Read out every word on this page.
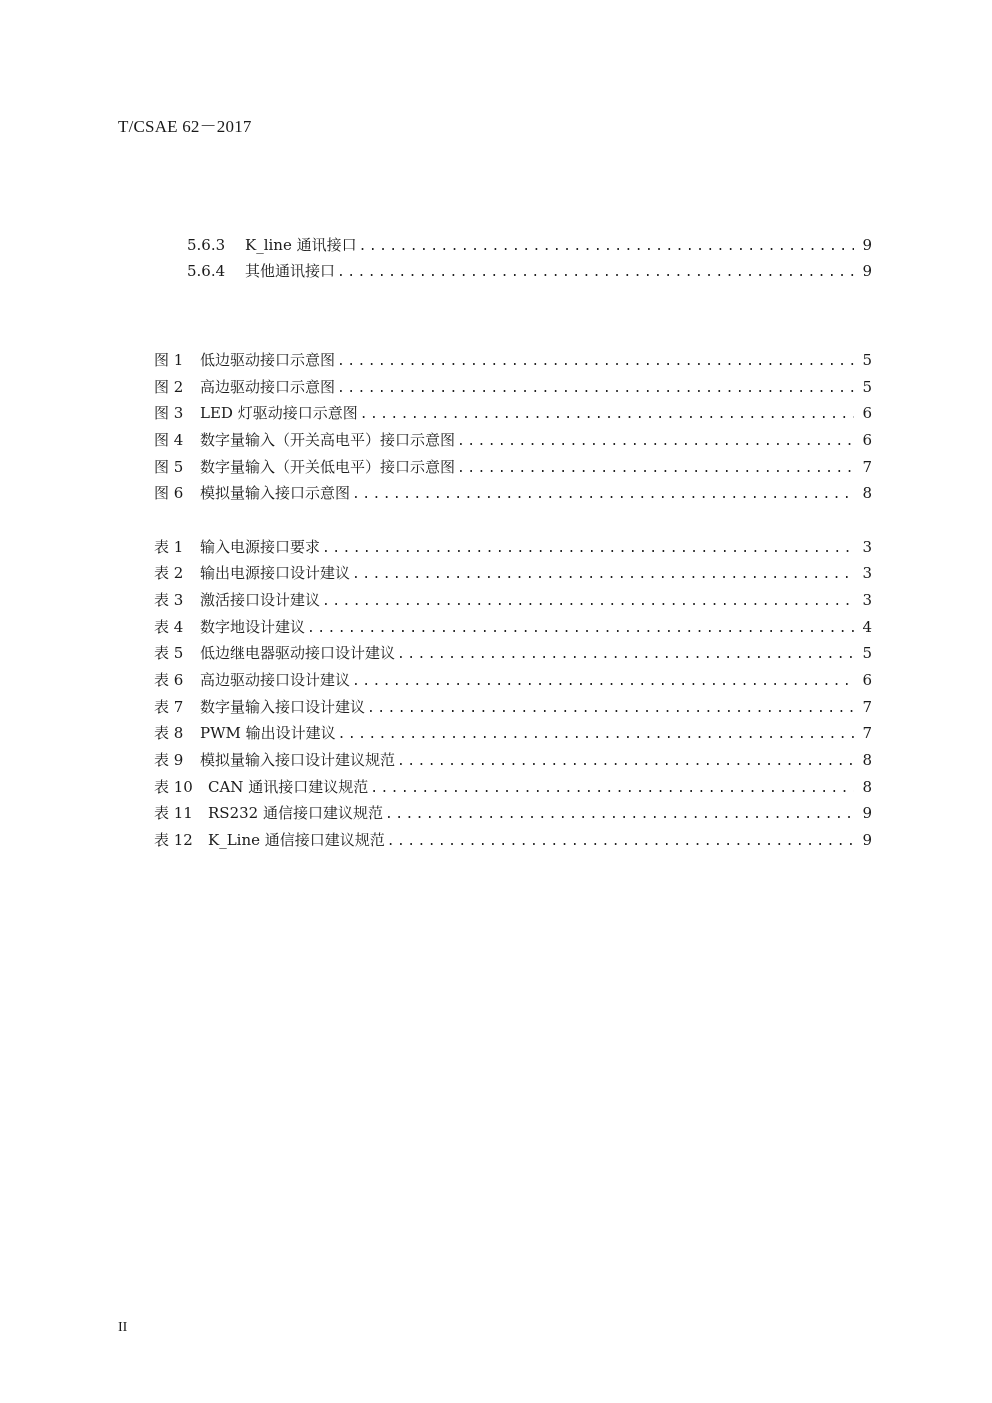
T/CSAE 62－2017
5.6.3	K_line 通讯接口 .....	9
5.6.4	其他通讯接口 .....	9
图 1	低边驱动接口示意图 .....	5
图 2	高边驱动接口示意图 .....	5
图 3	LED 灯驱动接口示意图 .....	6
图 4	数字量输入（开关高电平）接口示意图 .....	6
图 5	数字量输入（开关低电平）接口示意图 .....	7
图 6	模拟量输入接口示意图 .....	8
表 1	输入电源接口要求 .....	3
表 2	输出电源接口设计建议 .....	3
表 3	激活接口设计建议 .....	3
表 4	数字地设计建议 .....	4
表 5	低边继电器驱动接口设计建议 .....	5
表 6	高边驱动接口设计建议 .....	6
表 7	数字量输入接口设计建议 .....	7
表 8	PWM 输出设计建议 .....	7
表 9	模拟量输入接口设计建议规范 .....	8
表 10	CAN 通讯接口建议规范 .....	8
表 11	RS232 通信接口建议规范 .....	9
表 12	K_Line 通信接口建议规范 .....	9
II
